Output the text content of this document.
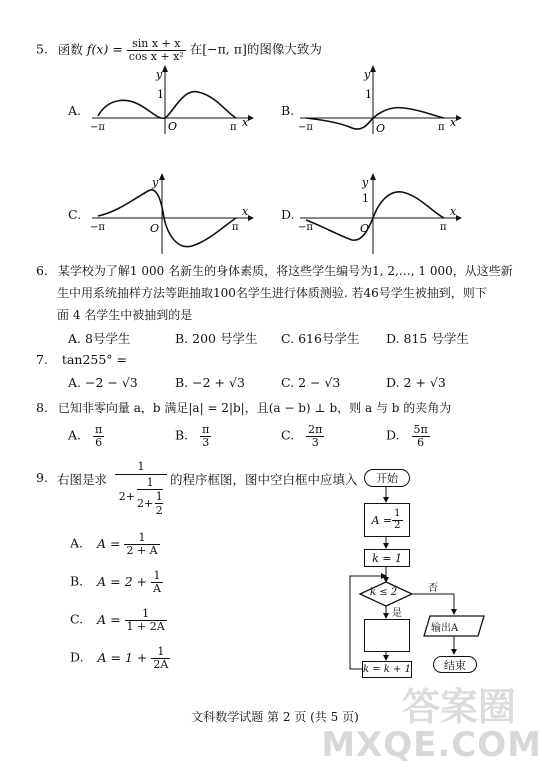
5. 函数 $f(x) = \frac{\text{sin x + x}}{\text{cos x + x²}}$ 在[−π, π]的图像大致为
A.	B.
C.	D.
y
1
O
−π	π x
y
1
O
−π	π x
y
O
−π	π
x
y
1
O
−π	π
x
6. 某学校为了解1 000 名新生的身体素质，将这些学生编号为1, 2,…, 1 000，从这些新
生中用系统抽样方法等距抽取100名学生进行体质测验. 若46号学生被抽到，则下
面 4 名学生中被抽到的是
A. 8号学生	B. 200 号学生 C. 616号学生 D. 815 号学生
7. tan255° =
A. −2 − √3	B. −2 + √3	C. 2 − √3	D. 2 + √3
8. 已知非零向量 a，b 满足|a| = 2|b|，且(a − b) ⊥ b，则 a 与 b 的夹角为
A. $\frac{\pi}{6}$	B. $\frac{\pi}{3}$	C. $\frac{2\pi}{3}$	D. $\frac{5\pi}{6}$
9. 右图是求
1
2+
1
2+
1
2
的程序框图，图中空白框中应填入
A. $A = \frac{1}{2 + A}$
B. $A = 2 + \frac{1}{A}$
C. $A = \frac{1}{1 + 2A}$
D. $A = 1 + \frac{1}{2A}$
开始
$A = \frac{1}{2}$
k = 1
k ≤ 2
是
否
输出A
k = k + 1	结束
文科数学试题 第 2 页 (共 5 页)	答案圈
MXQE.COM
